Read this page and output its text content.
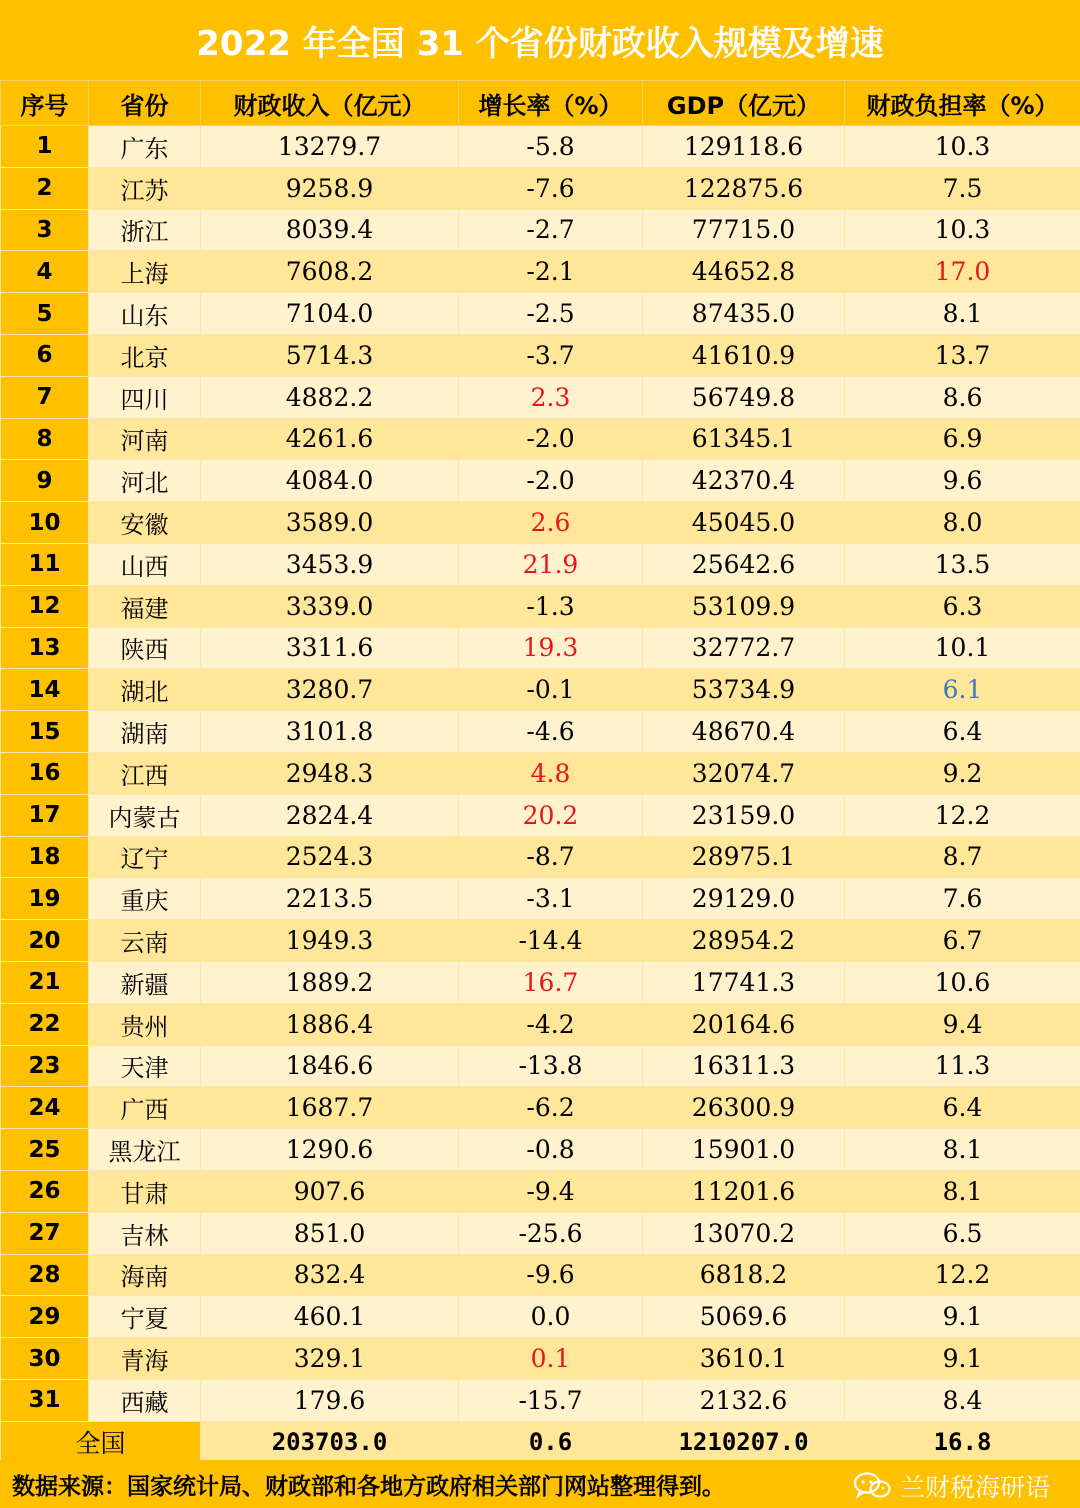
2022 年全国 31 个省份财政收入规模及增速
序号	省份	财政收入（亿元）	增长率（%）	GDP（亿元）	财政负担率（%）
1	广东	13279.7	-5.8	129118.6	10.3
2	江苏	9258.9	-7.6	122875.6	7.5
3	浙江	8039.4	-2.7	77715.0	10.3
4	上海	7608.2	-2.1	44652.8	17.0
5	山东	7104.0	-2.5	87435.0	8.1
6	北京	5714.3	-3.7	41610.9	13.7
7	四川	4882.2	2.3	56749.8	8.6
8	河南	4261.6	-2.0	61345.1	6.9
9	河北	4084.0	-2.0	42370.4	9.6
10	安徽	3589.0	2.6	45045.0	8.0
11	山西	3453.9	21.9	25642.6	13.5
12	福建	3339.0	-1.3	53109.9	6.3
13	陕西	3311.6	19.3	32772.7	10.1
14	湖北	3280.7	-0.1	53734.9	6.1
15	湖南	3101.8	-4.6	48670.4	6.4
16	江西	2948.3	4.8	32074.7	9.2
17	内蒙古	2824.4	20.2	23159.0	12.2
18	辽宁	2524.3	-8.7	28975.1	8.7
19	重庆	2213.5	-3.1	29129.0	7.6
20	云南	1949.3	-14.4	28954.2	6.7
21	新疆	1889.2	16.7	17741.3	10.6
22	贵州	1886.4	-4.2	20164.6	9.4
23	天津	1846.6	-13.8	16311.3	11.3
24	广西	1687.7	-6.2	26300.9	6.4
25	黑龙江	1290.6	-0.8	15901.0	8.1
26	甘肃	907.6	-9.4	11201.6	8.1
27	吉林	851.0	-25.6	13070.2	6.5
28	海南	832.4	-9.6	6818.2	12.2
29	宁夏	460.1	0.0	5069.6	9.1
30	青海	329.1	0.1	3610.1	9.1
31	西藏	179.6	-15.7	2132.6	8.4
全国		203703.0	0.6	1210207.0	16.8
数据来源：国家统计局、财政部和各地方政府相关部门网站整理得到。	兰财税海研语
